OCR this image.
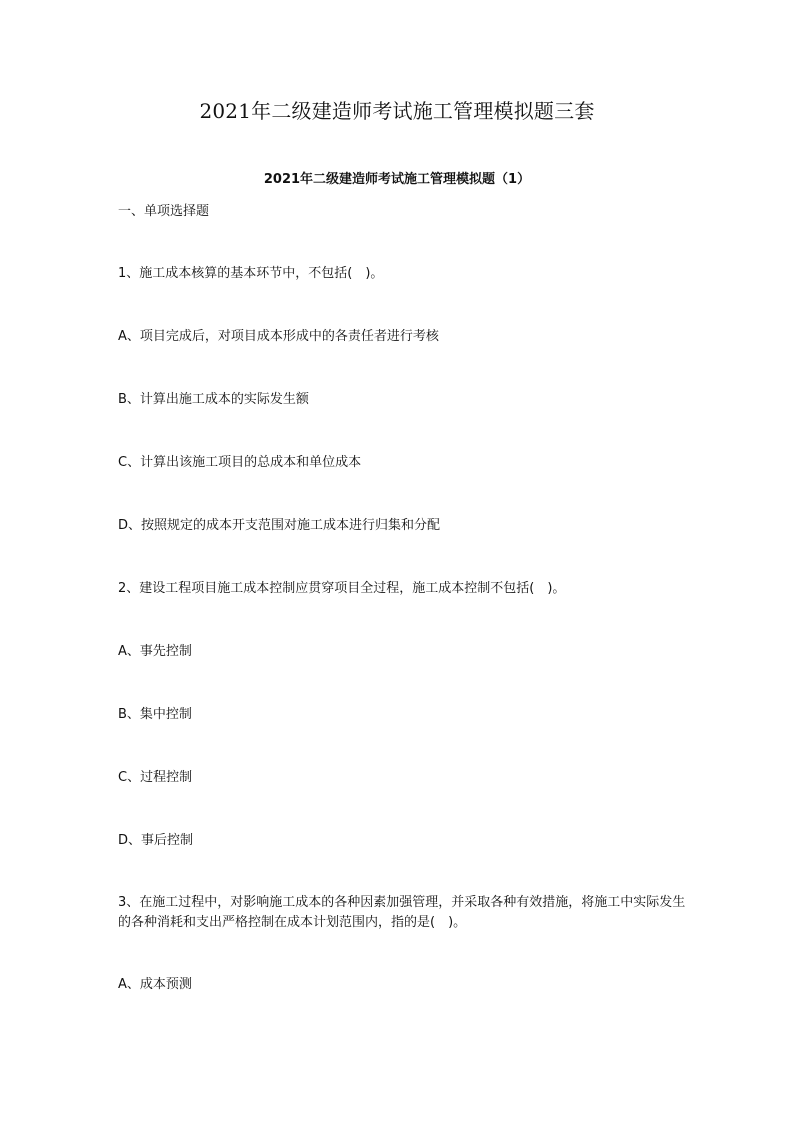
2021年二级建造师考试施工管理模拟题三套
2021年二级建造师考试施工管理模拟题（1）
一、单项选择题
1、施工成本核算的基本环节中，不包括(　)。
A、项目完成后，对项目成本形成中的各责任者进行考核
B、计算出施工成本的实际发生额
C、计算出该施工项目的总成本和单位成本
D、按照规定的成本开支范围对施工成本进行归集和分配
2、建设工程项目施工成本控制应贯穿项目全过程，施工成本控制不包括(　)。
A、事先控制
B、集中控制
C、过程控制
D、事后控制
3、在施工过程中，对影响施工成本的各种因素加强管理，并采取各种有效措施，将施工中实际发生的各种消耗和支出严格控制在成本计划范围内，指的是(　)。
A、成本预测
